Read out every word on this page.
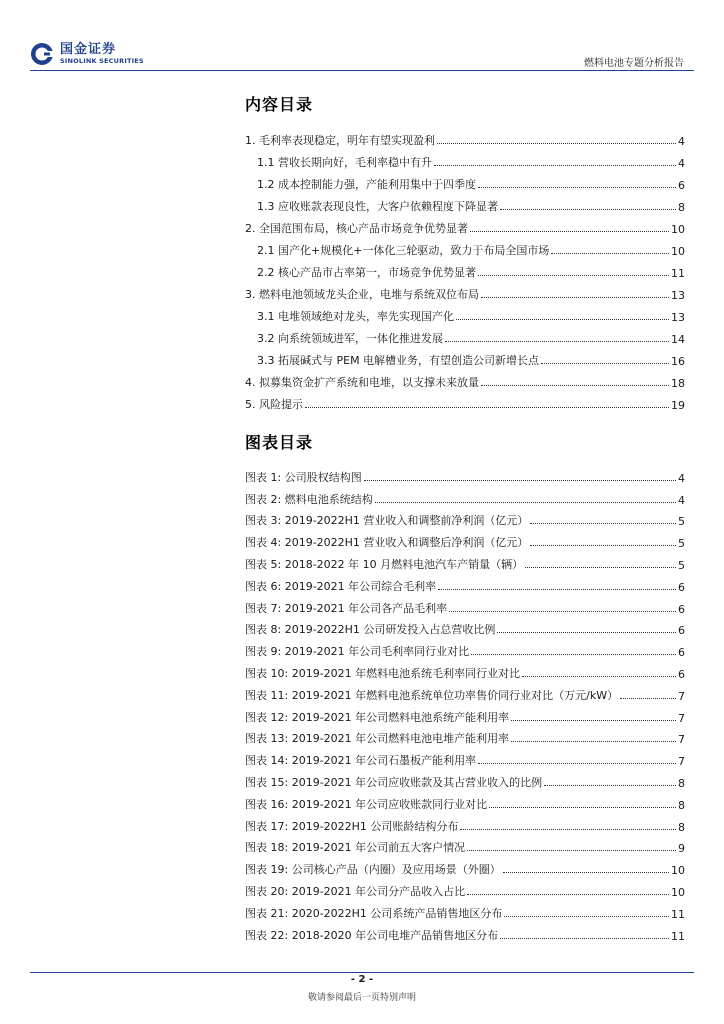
国金证券
SINOLINK SECURITIES	燃料电池专题分析报告
内容目录
1. 毛利率表现稳定，明年有望实现盈利	4
1.1 营收长期向好，毛利率稳中有升	4
1.2 成本控制能力强，产能利用集中于四季度	6
1.3 应收账款表现良性，大客户依赖程度下降显著	8
2. 全国范围布局，核心产品市场竞争优势显著	10
2.1 国产化+规模化+一体化三轮驱动，致力于布局全国市场	10
2.2 核心产品市占率第一，市场竞争优势显著	11
3. 燃料电池领域龙头企业，电堆与系统双位布局	13
3.1 电堆领域绝对龙头，率先实现国产化	13
3.2 向系统领域进军，一体化推进发展	14
3.3 拓展碱式与 PEM 电解槽业务，有望创造公司新增长点	16
4. 拟募集资金扩产系统和电堆，以支撑未来放量	18
5. 风险提示	19
图表目录
图表 1: 公司股权结构图	4
图表 2: 燃料电池系统结构	4
图表 3: 2019-2022H1 营业收入和调整前净利润（亿元）	5
图表 4: 2019-2022H1 营业收入和调整后净利润（亿元）	5
图表 5: 2018-2022 年 10 月燃料电池汽车产销量（辆）	5
图表 6: 2019-2021 年公司综合毛利率	6
图表 7: 2019-2021 年公司各产品毛利率	6
图表 8: 2019-2022H1 公司研发投入占总营收比例	6
图表 9: 2019-2021 年公司毛利率同行业对比	6
图表 10: 2019-2021 年燃料电池系统毛利率同行业对比	6
图表 11: 2019-2021 年燃料电池系统单位功率售价同行业对比（万元/kW）	7
图表 12: 2019-2021 年公司燃料电池系统产能利用率	7
图表 13: 2019-2021 年公司燃料电池电堆产能利用率	7
图表 14: 2019-2021 年公司石墨板产能利用率	7
图表 15: 2019-2021 年公司应收账款及其占营业收入的比例	8
图表 16: 2019-2021 年公司应收账款同行业对比	8
图表 17: 2019-2022H1 公司账龄结构分布	8
图表 18: 2019-2021 年公司前五大客户情况	9
图表 19: 公司核心产品（内圈）及应用场景（外圈）	10
图表 20: 2019-2021 年公司分产品收入占比	10
图表 21: 2020-2022H1 公司系统产品销售地区分布	11
图表 22: 2018-2020 年公司电堆产品销售地区分布	11
- 2 -
敬请参阅最后一页特别声明
